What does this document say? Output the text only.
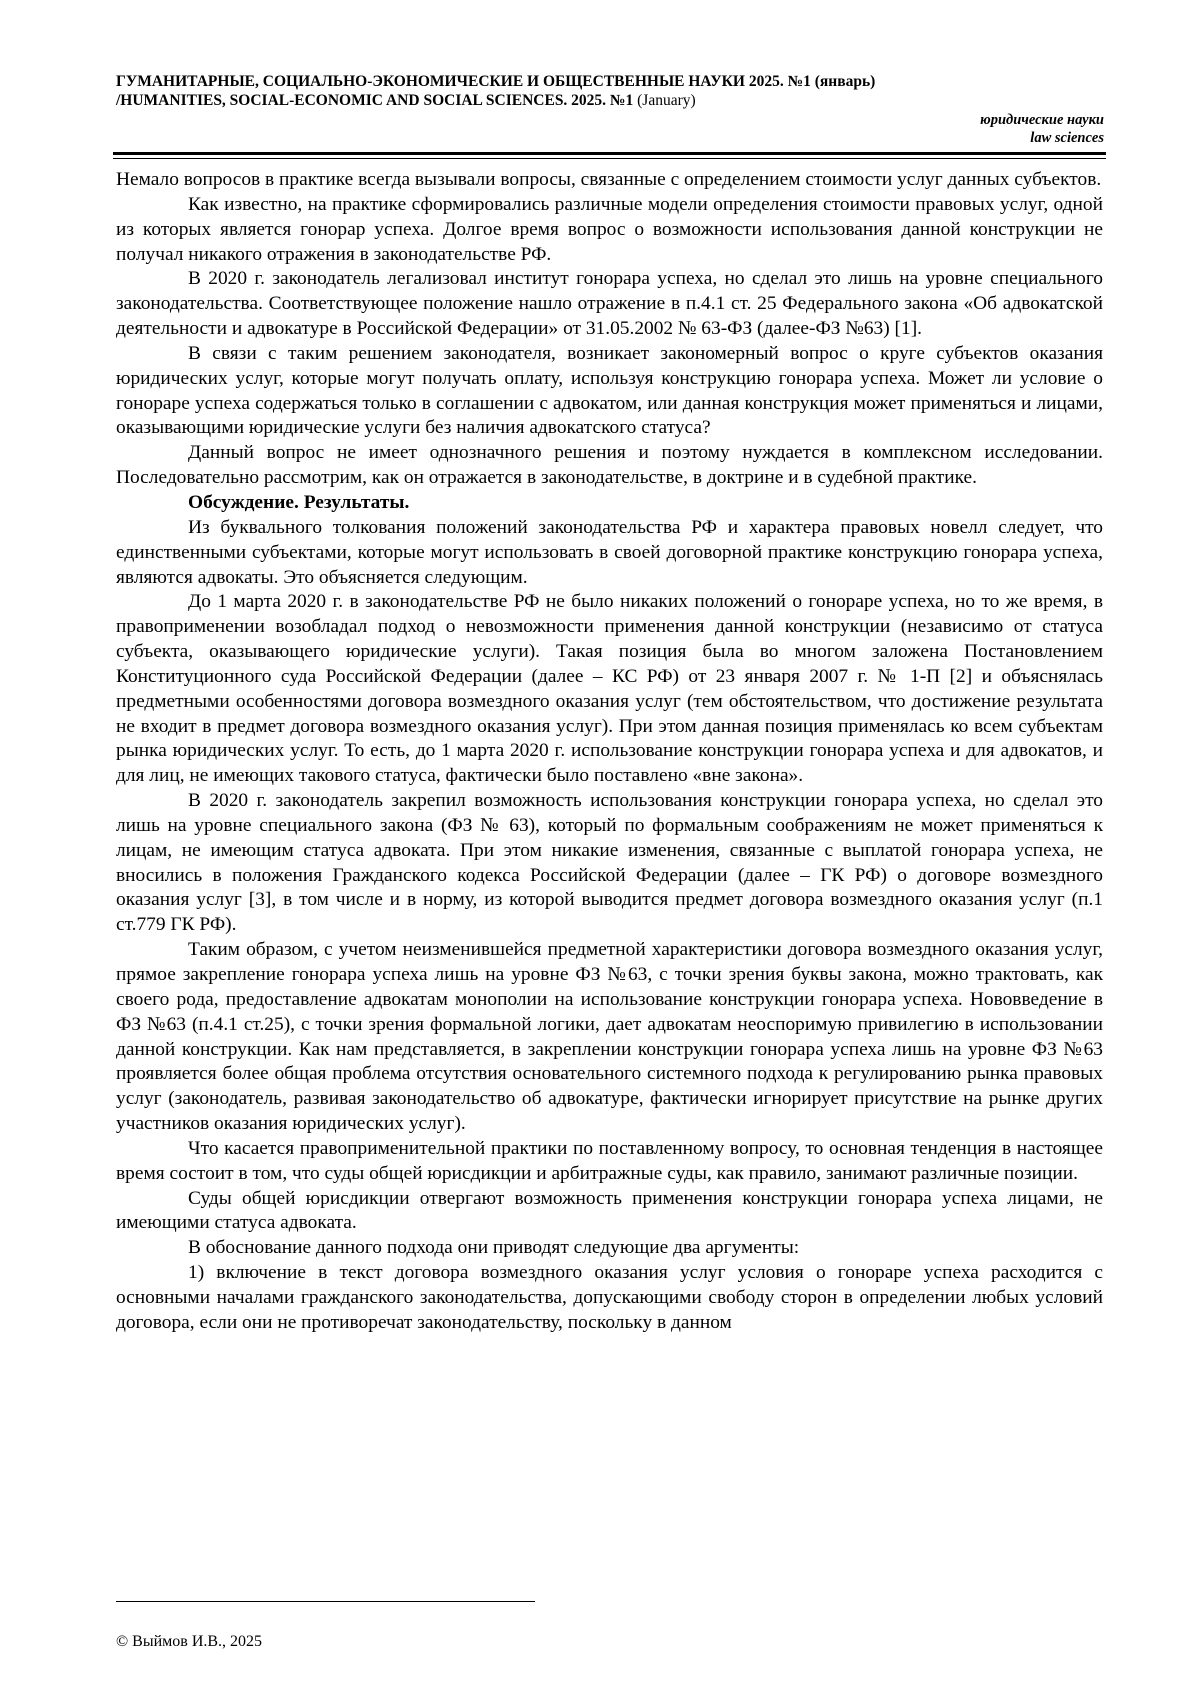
ГУМАНИТАРНЫЕ, СОЦИАЛЬНО-ЭКОНОМИЧЕСКИЕ И ОБЩЕСТВЕННЫЕ НАУКИ 2025. №1 (январь)
/HUMANITIES, SOCIAL-ECONOMIC AND SOCIAL SCIENCES. 2025. №1 (January)
юридические науки
law sciences

Немало вопросов в практике всегда вызывали вопросы, связанные с определением стоимости услуг данных субъектов.

Как известно, на практике сформировались различные модели определения стоимости правовых услуг, одной из которых является гонорар успеха. Долгое время вопрос о возможности использования данной конструкции не получал никакого отражения в законодательстве РФ.

В 2020 г. законодатель легализовал институт гонорара успеха, но сделал это лишь на уровне специального законодательства. Соответствующее положение нашло отражение в п.4.1 ст. 25 Федерального закона «Об адвокатской деятельности и адвокатуре в Российской Федерации» от 31.05.2002 № 63-ФЗ (далее-ФЗ №63) [1].

В связи с таким решением законодателя, возникает закономерный вопрос о круге субъектов оказания юридических услуг, которые могут получать оплату, используя конструкцию гонорара успеха. Может ли условие о гонораре успеха содержаться только в соглашении с адвокатом, или данная конструкция может применяться и лицами, оказывающими юридические услуги без наличия адвокатского статуса?

Данный вопрос не имеет однозначного решения и поэтому нуждается в комплексном исследовании. Последовательно рассмотрим, как он отражается в законодательстве, в доктрине и в судебной практике.

Обсуждение. Результаты.

Из буквального толкования положений законодательства РФ и характера правовых новелл следует, что единственными субъектами, которые могут использовать в своей договорной практике конструкцию гонорара успеха, являются адвокаты. Это объясняется следующим.

До 1 марта 2020 г. в законодательстве РФ не было никаких положений о гонораре успеха, но то же время, в правоприменении возобладал подход о невозможности применения данной конструкции (независимо от статуса субъекта, оказывающего юридические услуги). Такая позиция была во многом заложена Постановлением Конституционного суда Российской Федерации (далее – КС РФ) от 23 января 2007 г. № 1-П [2] и объяснялась предметными особенностями договора возмездного оказания услуг (тем обстоятельством, что достижение результата не входит в предмет договора возмездного оказания услуг). При этом данная позиция применялась ко всем субъектам рынка юридических услуг. То есть, до 1 марта 2020 г. использование конструкции гонорара успеха и для адвокатов, и для лиц, не имеющих такового статуса, фактически было поставлено «вне закона».

В 2020 г. законодатель закрепил возможность использования конструкции гонорара успеха, но сделал это лишь на уровне специального закона (ФЗ № 63), который по формальным соображениям не может применяться к лицам, не имеющим статуса адвоката. При этом никакие изменения, связанные с выплатой гонорара успеха, не вносились в положения Гражданского кодекса Российской Федерации (далее – ГК РФ) о договоре возмездного оказания услуг [3], в том числе и в норму, из которой выводится предмет договора возмездного оказания услуг (п.1 ст.779 ГК РФ).

Таким образом, с учетом неизменившейся предметной характеристики договора возмездного оказания услуг, прямое закрепление гонорара успеха лишь на уровне ФЗ №63, с точки зрения буквы закона, можно трактовать, как своего рода, предоставление адвокатам монополии на использование конструкции гонорара успеха. Нововведение в ФЗ №63 (п.4.1 ст.25), с точки зрения формальной логики, дает адвокатам неоспоримую привилегию в использовании данной конструкции. Как нам представляется, в закреплении конструкции гонорара успеха лишь на уровне ФЗ №63 проявляется более общая проблема отсутствия основательного системного подхода к регулированию рынка правовых услуг (законодатель, развивая законодательство об адвокатуре, фактически игнорирует присутствие на рынке других участников оказания юридических услуг).

Что касается правоприменительной практики по поставленному вопросу, то основная тенденция в настоящее время состоит в том, что суды общей юрисдикции и арбитражные суды, как правило, занимают различные позиции.

Суды общей юрисдикции отвергают возможность применения конструкции гонорара успеха лицами, не имеющими статуса адвоката.

В обоснование данного подхода они приводят следующие два аргументы:

1) включение в текст договора возмездного оказания услуг условия о гонораре успеха расходится с основными началами гражданского законодательства, допускающими свободу сторон в определении любых условий договора, если они не противоречат законодательству, поскольку в данном

© Выймов И.В., 2025
